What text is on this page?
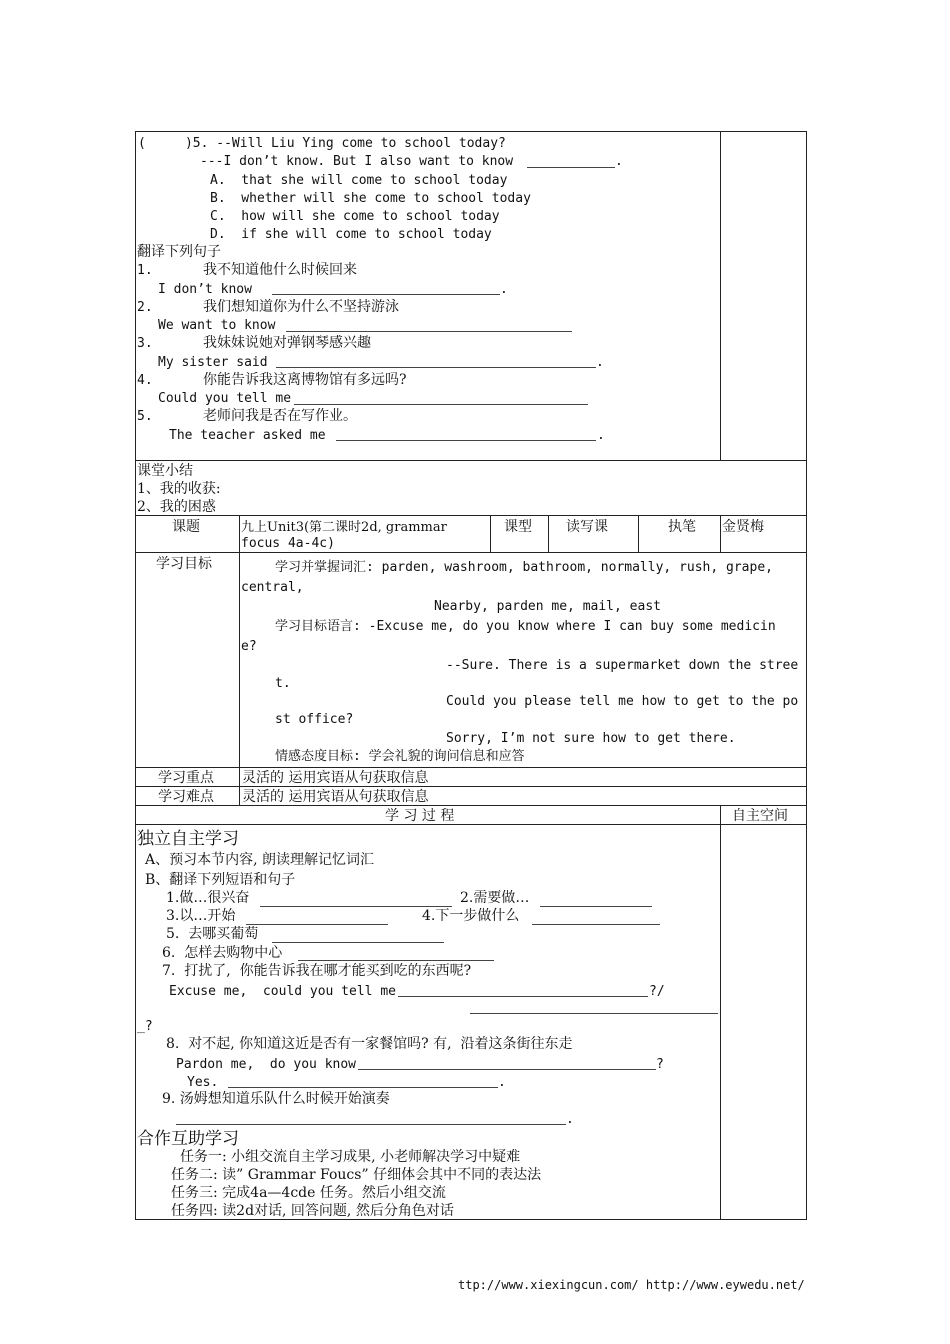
(     )5. --Will Liu Ying come to school today?
---I don’t know. But I also want to know	.
A.  that she will come to school today
B.  whether will she come to school today
C.  how will she come to school today
D.  if she will come to school today
翻译下列句子
1.	我不知道他什么时候回来
I don’t know	.
2.	我们想知道你为什么不坚持游泳
We want to know
3.	我妹妹说她对弹钢琴感兴趣
My sister said	.
4.	你能告诉我这离博物馆有多远吗?
Could you tell me
5.	老师问我是否在写作业。
The teacher asked me	.
课堂小结
1、我的收获:
2、我的困惑
课题	九上Unit3(第二课时2d, grammar
focus 4a-4c)
课型 读写课	执笔 金贤梅
学习目标	学习并掌握词汇: parden, washroom, bathroom, normally, rush, grape,
central,
Nearby, parden me, mail, east
学习目标语言: -Excuse me, do you know where I can buy some medicin
e?
--Sure. There is a supermarket down the stree
t.
Could you please tell me how to get to the po
st office?
Sorry, I’m not sure how to get there.
情感态度目标: 学会礼貌的询问信息和应答
学习重点 灵活的 运用宾语从句获取信息
学习难点 灵活的 运用宾语从句获取信息
学 习 过 程	自主空间
独立自主学习
A、预习本节内容, 朗读理解记忆词汇
B、翻译下列短语和句子
1.做…很兴奋	2.需要做…
3.以…开始	4.下一步做什么
5.  去哪买葡萄
6.  怎样去购物中心
7.  打扰了,  你能告诉我在哪才能买到吃的东西呢?
Excuse me,  could you tell me	?/
_?
8.  对不起, 你知道这近是否有一家餐馆吗? 有,  沿着这条街往东走
Pardon me,  do you know	?
Yes.	.
9. 汤姆想知道乐队什么时候开始演奏
.
合作互助学习
任务一: 小组交流自主学习成果, 小老师解决学习中疑难
任务二: 读” Grammar Foucs” 仔细体会其中不同的表达法
任务三: 完成4a—4cde 任务。然后小组交流
任务四: 读2d对话, 回答问题, 然后分角色对话
ttp://www.xiexingcun.com/ http://www.eywedu.net/
